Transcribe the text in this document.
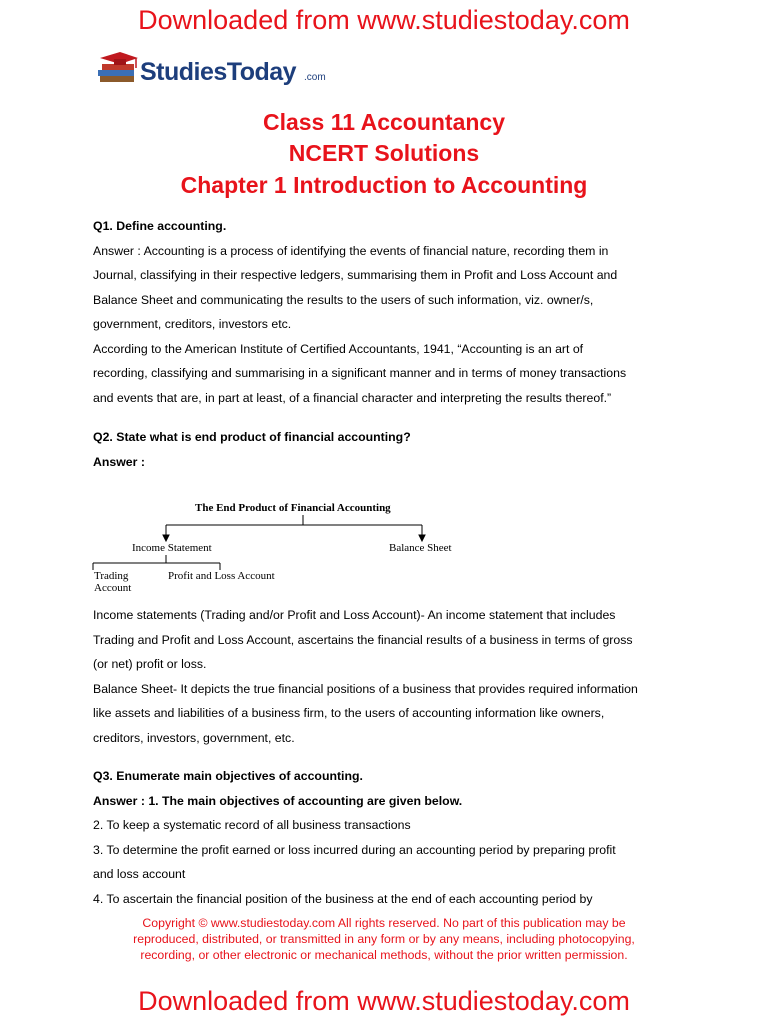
Downloaded from www.studiestoday.com
StudiesToday .com
Class 11 Accountancy
NCERT Solutions
Chapter 1 Introduction to Accounting

Q1. Define accounting.

Answer : Accounting is a process of identifying the events of financial nature, recording them in

Journal, classifying in their respective ledgers, summarising them in Profit and Loss Account and

Balance Sheet and communicating the results to the users of such information, viz. owner/s,

government, creditors, investors etc.

According to the American Institute of Certified Accountants, 1941, “Accounting is an art of

recording, classifying and summarising in a significant manner and in terms of money transactions

and events that are, in part at least, of a financial character and interpreting the results thereof.”

Q2. State what is end product of financial accounting?

Answer :

The End Product of Financial Accounting
Income Statement	Balance Sheet
Trading Account
Profit and Loss Account

Income statements (Trading and/or Profit and Loss Account)- An income statement that includes

Trading and Profit and Loss Account, ascertains the financial results of a business in terms of gross

(or net) profit or loss.

Balance Sheet- It depicts the true financial positions of a business that provides required information

like assets and liabilities of a business firm, to the users of accounting information like owners,

creditors, investors, government, etc.

Q3. Enumerate main objectives of accounting.

Answer : 1. The main objectives of accounting are given below.

2. To keep a systematic record of all business transactions

3. To determine the profit earned or loss incurred during an accounting period by preparing profit

and loss account

4. To ascertain the financial position of the business at the end of each accounting period by

Copyright © www.studiestoday.com All rights reserved. No part of this publication may be

reproduced, distributed, or transmitted in any form or by any means, including photocopying,

recording, or other electronic or mechanical methods, without the prior written permission.

Downloaded from www.studiestoday.com
